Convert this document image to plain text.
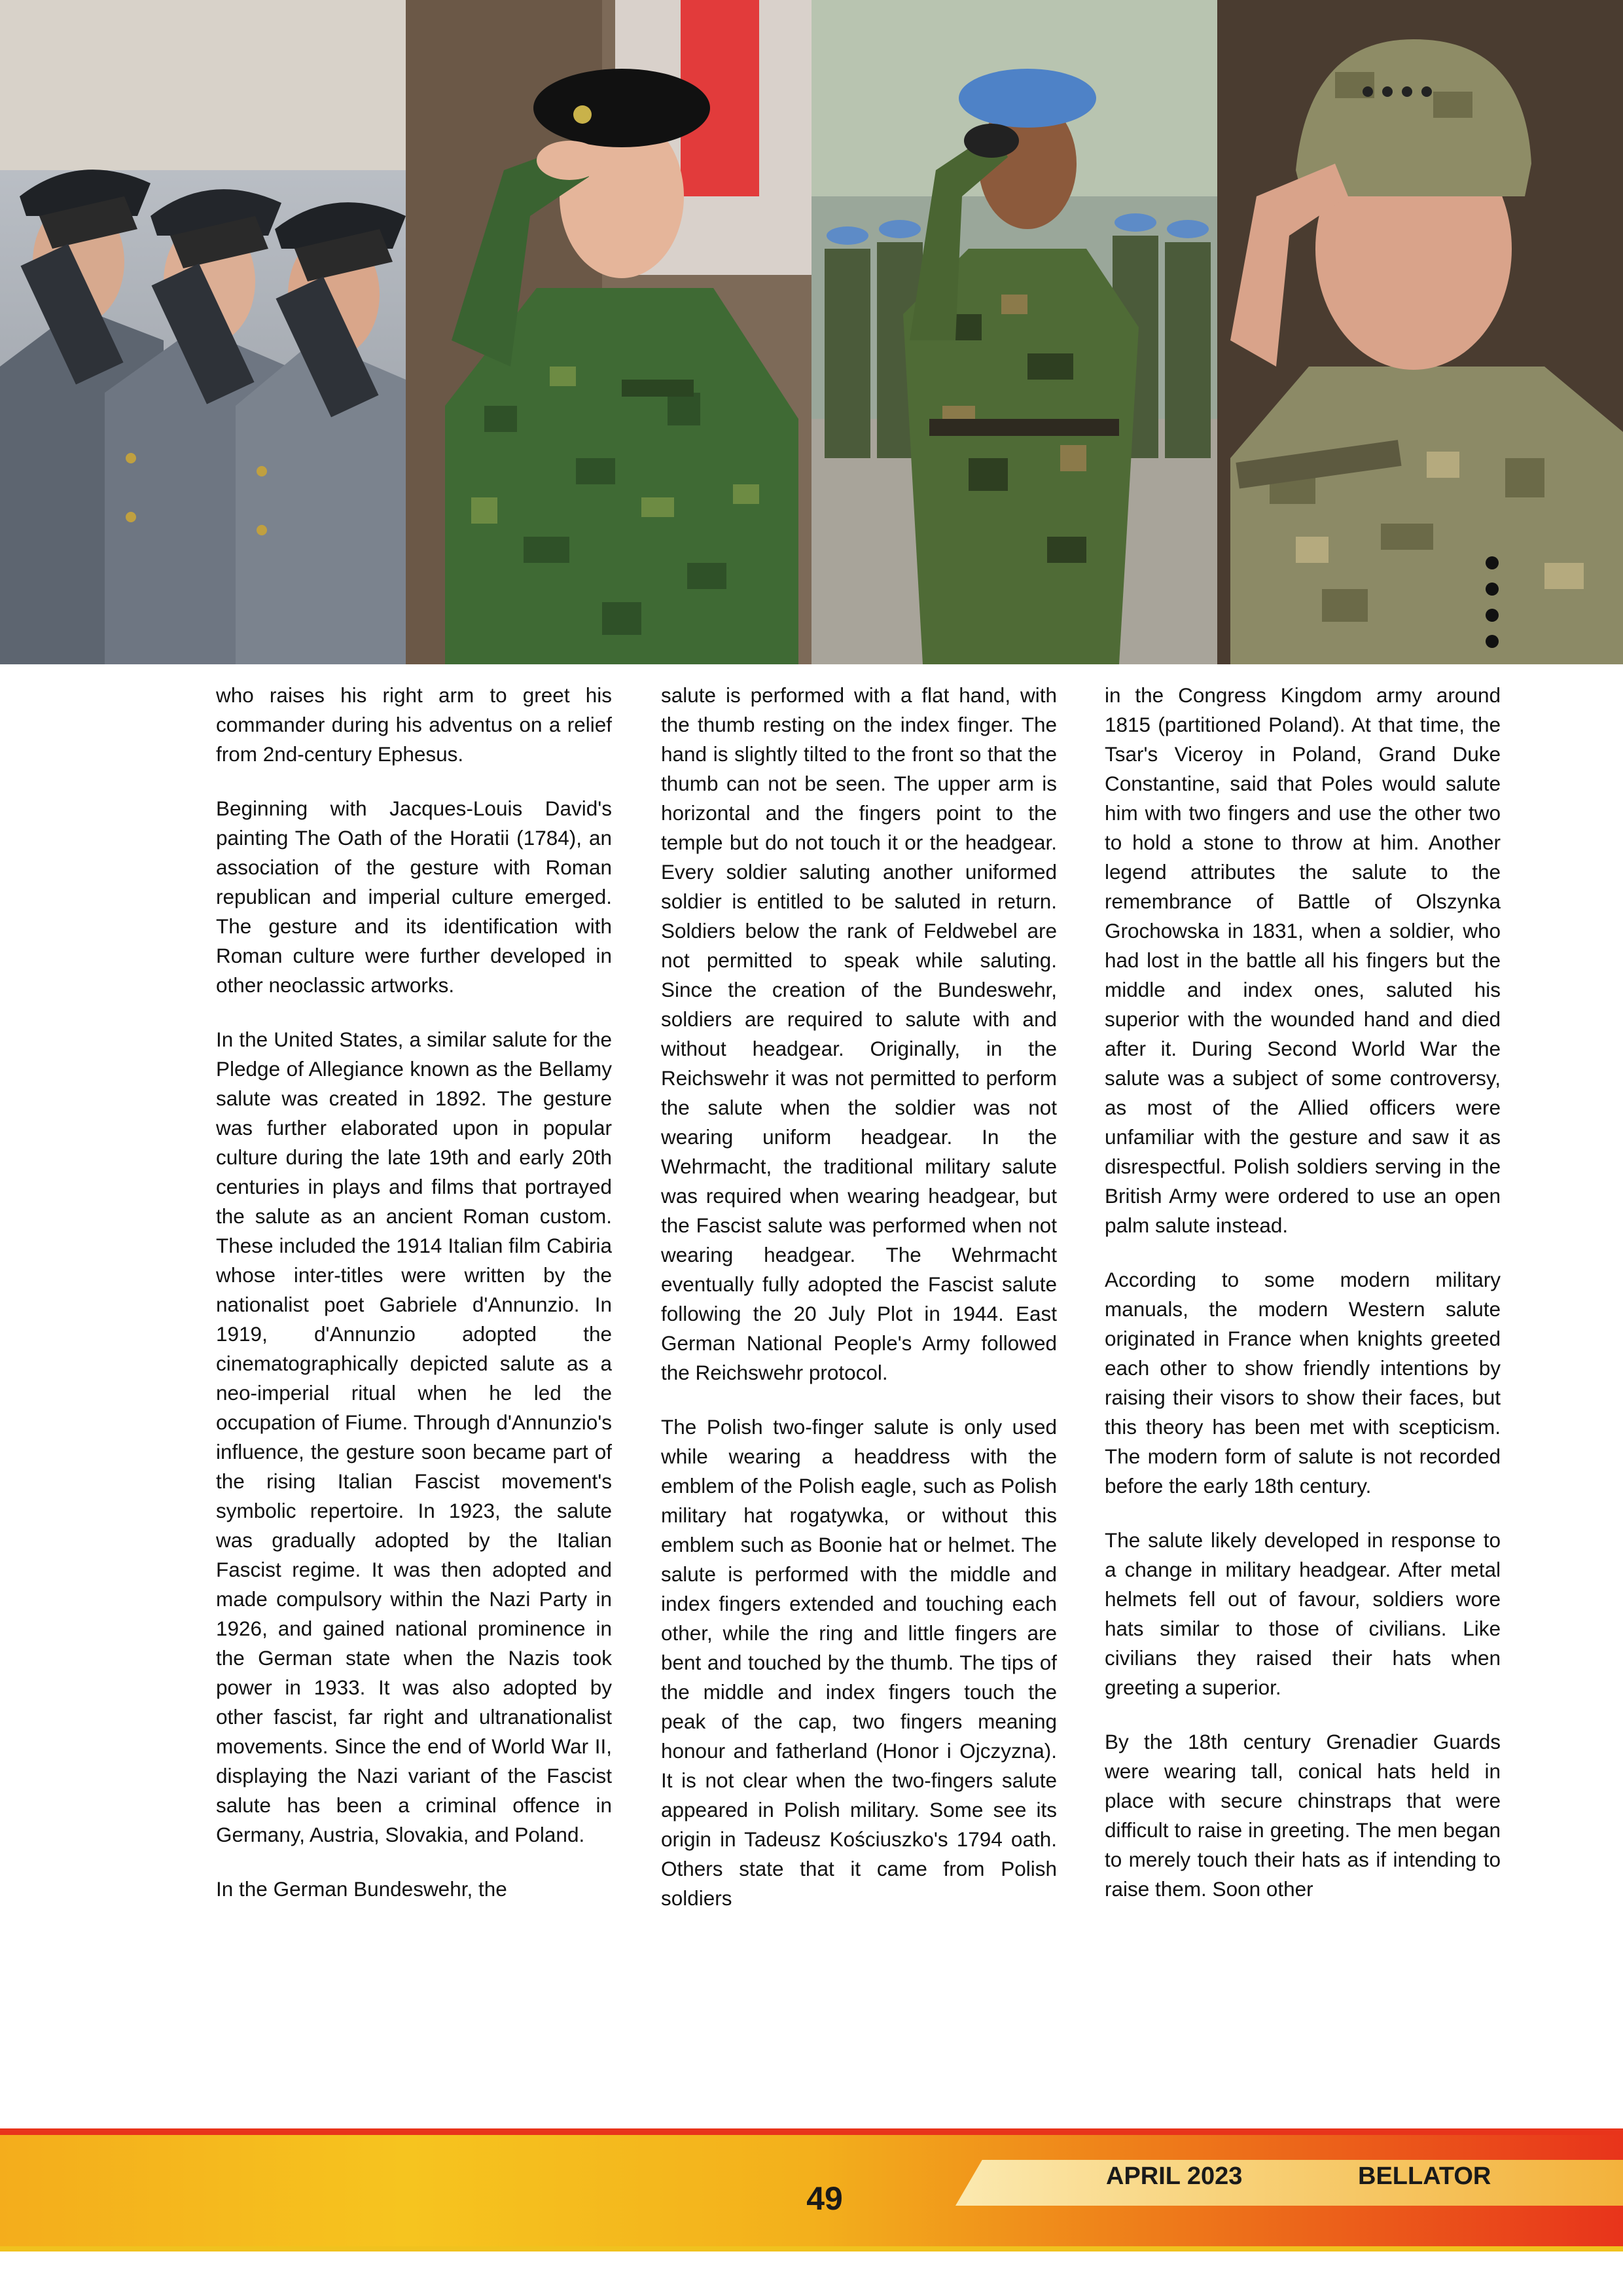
who raises his right arm to greet his commander during his adventus on a relief from 2nd-century Ephesus.

Beginning with Jacques-Louis David's painting The Oath of the Horatii (1784), an association of the gesture with Roman republican and imperial culture emerged. The gesture and its identification with Roman culture were further developed in other neoclassic artworks.

In the United States, a similar salute for the Pledge of Allegiance known as the Bellamy salute was created in 1892. The gesture was further elaborated upon in popular culture during the late 19th and early 20th centuries in plays and films that portrayed the salute as an ancient Roman custom. These included the 1914 Italian film Cabiria whose inter-titles were written by the nationalist poet Gabriele d'Annunzio. In 1919, d'Annunzio adopted the cinematographically depicted salute as a neo-imperial ritual when he led the occupation of Fiume. Through d'Annunzio's influence, the gesture soon became part of the rising Italian Fascist movement's symbolic repertoire. In 1923, the salute was gradually adopted by the Italian Fascist regime. It was then adopted and made compulsory within the Nazi Party in 1926, and gained national prominence in the German state when the Nazis took power in 1933. It was also adopted by other fascist, far right and ultranationalist movements. Since the end of World War II, displaying the Nazi variant of the Fascist salute has been a criminal offence in Germany, Austria, Slovakia, and Poland.

In the German Bundeswehr, the

salute is performed with a flat hand, with the thumb resting on the index finger. The hand is slightly tilted to the front so that the thumb can not be seen. The upper arm is horizontal and the fingers point to the temple but do not touch it or the headgear. Every soldier saluting another uniformed soldier is entitled to be saluted in return. Soldiers below the rank of Feldwebel are not permitted to speak while saluting. Since the creation of the Bundeswehr, soldiers are required to salute with and without headgear. Originally, in the Reichswehr it was not permitted to perform the salute when the soldier was not wearing uniform headgear. In the Wehrmacht, the traditional military salute was required when wearing headgear, but the Fascist salute was performed when not wearing headgear. The Wehrmacht eventually fully adopted the Fascist salute following the 20 July Plot in 1944. East German National People's Army followed the Reichswehr protocol.

The Polish two-finger salute is only used while wearing a headdress with the emblem of the Polish eagle, such as Polish military hat rogatywka, or without this emblem such as Boonie hat or helmet. The salute is performed with the middle and index fingers extended and touching each other, while the ring and little fingers are bent and touched by the thumb. The tips of the middle and index fingers touch the peak of the cap, two fingers meaning honour and fatherland (Honor i Ojczyzna). It is not clear when the two-fingers salute appeared in Polish military. Some see its origin in Tadeusz Kościuszko's 1794 oath. Others state that it came from Polish soldiers

in the Congress Kingdom army around 1815 (partitioned Poland). At that time, the Tsar's Viceroy in Poland, Grand Duke Constantine, said that Poles would salute him with two fingers and use the other two to hold a stone to throw at him. Another legend attributes the salute to the remembrance of Battle of Olszynka Grochowska in 1831, when a soldier, who had lost in the battle all his fingers but the middle and index ones, saluted his superior with the wounded hand and died after it. During Second World War the salute was a subject of some controversy, as most of the Allied officers were unfamiliar with the gesture and saw it as disrespectful. Polish soldiers serving in the British Army were ordered to use an open palm salute instead.

According to some modern military manuals, the modern Western salute originated in France when knights greeted each other to show friendly intentions by raising their visors to show their faces, but this theory has been met with scepticism. The modern form of salute is not recorded before the early 18th century.

The salute likely developed in response to a change in military headgear. After metal helmets fell out of favour, soldiers wore hats similar to those of civilians. Like civilians they raised their hats when greeting a superior.

By the 18th century Grenadier Guards were wearing tall, conical hats held in place with secure chinstraps that were difficult to raise in greeting. The men began to merely touch their hats as if intending to raise them. Soon other

49
APRIL 2023	BELLATOR
